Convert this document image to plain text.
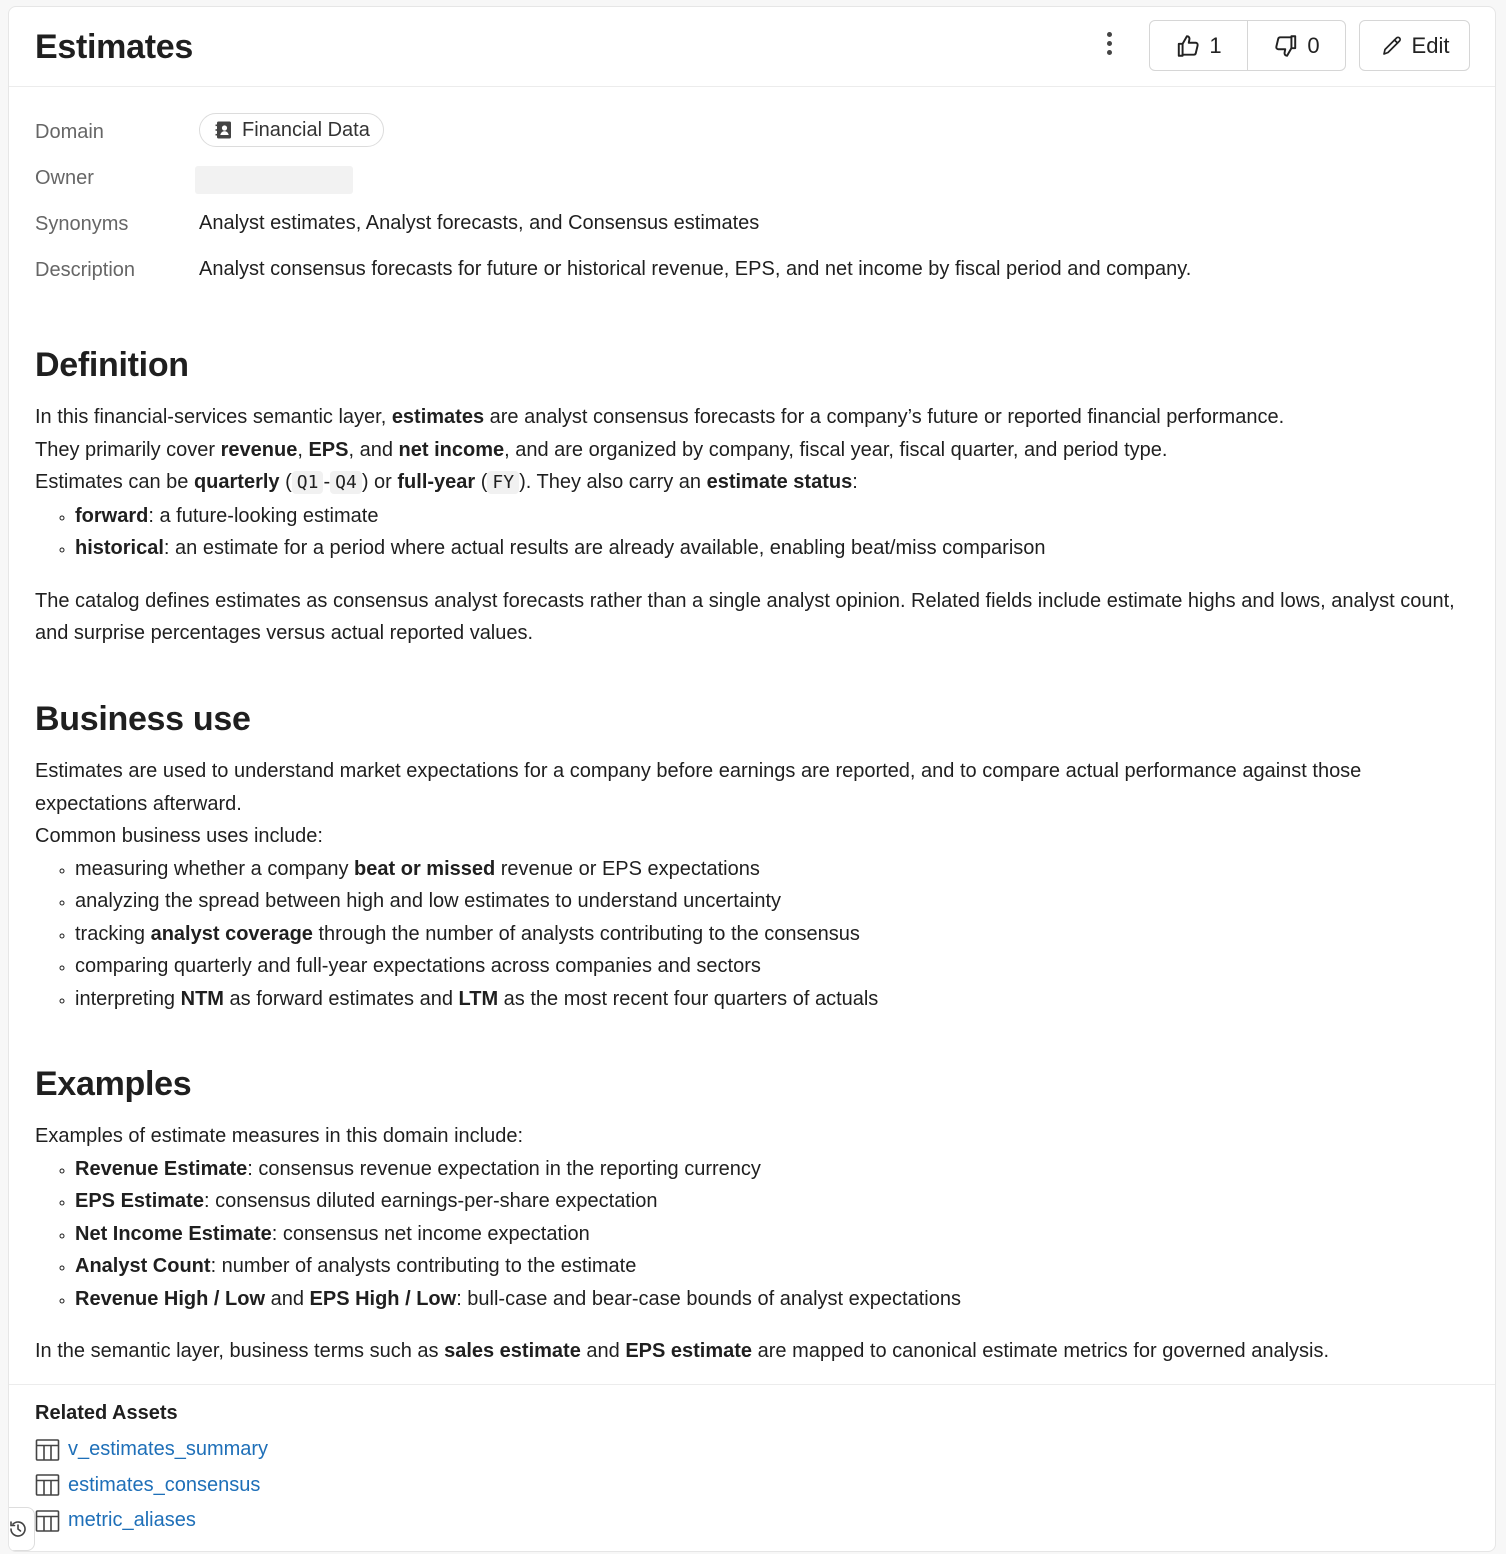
Estimates	1	0	Edit
Domain	Financial Data
Owner
Synonyms	Analyst estimates, Analyst forecasts, and Consensus estimates
Description	Analyst consensus forecasts for future or historical revenue, EPS, and net income by fiscal period and company.
Definition

In this financial-services semantic layer, estimates are analyst consensus forecasts for a company’s future or reported financial performance.

They primarily cover revenue, EPS, and net income, and are organized by company, fiscal year, fiscal quarter, and period type.

Estimates can be quarterly ( Q1 - Q4 ) or full-year ( FY ). They also carry an estimate status:

◦ forward: a future-looking estimate
◦ historical: an estimate for a period where actual results are already available, enabling beat/miss comparison

The catalog defines estimates as consensus analyst forecasts rather than a single analyst opinion. Related fields include estimate highs and lows, analyst count, and surprise percentages versus actual reported values.

Business use

Estimates are used to understand market expectations for a company before earnings are reported, and to compare actual performance against those expectations afterward.

Common business uses include:

◦ measuring whether a company beat or missed revenue or EPS expectations
◦ analyzing the spread between high and low estimates to understand uncertainty
◦ tracking analyst coverage through the number of analysts contributing to the consensus
◦ comparing quarterly and full-year expectations across companies and sectors
◦ interpreting NTM as forward estimates and LTM as the most recent four quarters of actuals
Examples

Examples of estimate measures in this domain include:

◦ Revenue Estimate: consensus revenue expectation in the reporting currency
◦ EPS Estimate: consensus diluted earnings-per-share expectation
◦ Net Income Estimate: consensus net income expectation
◦ Analyst Count: number of analysts contributing to the estimate
◦ Revenue High / Low and EPS High / Low: bull-case and bear-case bounds of analyst expectations

In the semantic layer, business terms such as sales estimate and EPS estimate are mapped to canonical estimate metrics for governed analysis.

Related Assets
v_estimates_summary
estimates_consensus
metric_aliases
